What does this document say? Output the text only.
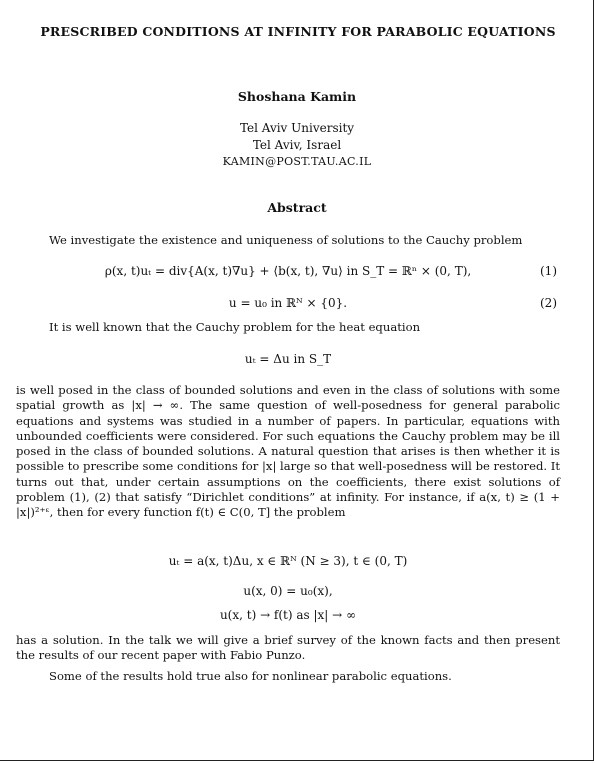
PRESCRIBED CONDITIONS AT INFINITY FOR PARABOLIC EQUATIONS
Shoshana Kamin
Tel Aviv University
Tel Aviv, Israel
KAMIN@POST.TAU.AC.IL
Abstract
We investigate the existence and uniqueness of solutions to the Cauchy problem
ρ(x, t)uₜ = div{A(x, t)∇u} + ⟨b(x, t), ∇u⟩ in S_T = ℝⁿ × (0, T),	(1)
u = u₀ in ℝᴺ × {0}.	(2)
It is well known that the Cauchy problem for the heat equation
uₜ = Δu in S_T
is well posed in the class of bounded solutions and even in the class of solutions with some spatial growth as |x| → ∞. The same question of well-posedness for general parabolic equations and systems was studied in a number of papers. In particular, equations with unbounded coefficients were considered. For such equations the Cauchy problem may be ill posed in the class of bounded solutions. A natural question that arises is then whether it is possible to prescribe some conditions for |x| large so that well-posedness will be restored. It turns out that, under certain assumptions on the coefficients, there exist solutions of problem (1), (2) that satisfy “Dirichlet conditions” at infinity. For instance, if a(x, t) ≥ (1 + |x|)²⁺ᵋ, then for every function f(t) ∈ C(0, T] the problem
uₜ = a(x, t)Δu, x ∈ ℝᴺ (N ≥ 3), t ∈ (0, T)
u(x, 0) = u₀(x),
u(x, t) → f(t) as |x| → ∞
has a solution. In the talk we will give a brief survey of the known facts and then present the results of our recent paper with Fabio Punzo.
Some of the results hold true also for nonlinear parabolic equations.
